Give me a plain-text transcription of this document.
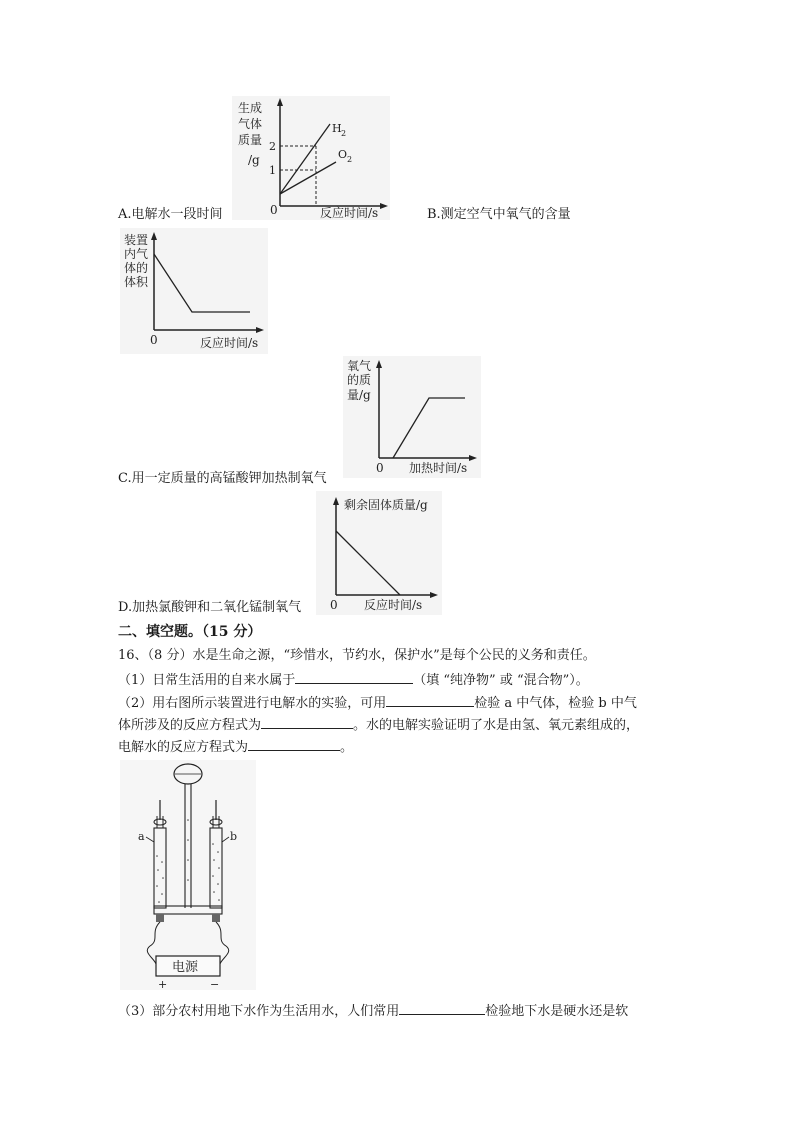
生成
气体
质量
/g
2
1
0
H 2
O 2
反应时间/s
A.电解水一段时间	B.测定空气中氧气的含量
装置
内气
体的
体积
0	反应时间/s
氧气
的质
量/g
0 加热时间/s
C.用一定质量的高锰酸钾加热制氧气
剩余固体质量/g
0 反应时间/s
D.加热氯酸钾和二氧化锰制氧气
二、填空题。（15 分）
16、（8 分）水是生命之源，“珍惜水，节约水，保护水”是每个公民的义务和责任。
（1）日常生活用的自来水属于	（填 “纯净物” 或 “混合物”）。
（2）用右图所示装置进行电解水的实验，可用	检验 a 中气体，检验 b 中气
体所涉及的反应方程式为	。水的电解实验证明了水是由氢、氧元素组成的，
电解水的反应方程式为	。
a	b
电源
+	−
（3）部分农村用地下水作为生活用水，人们常用	检验地下水是硬水还是软
